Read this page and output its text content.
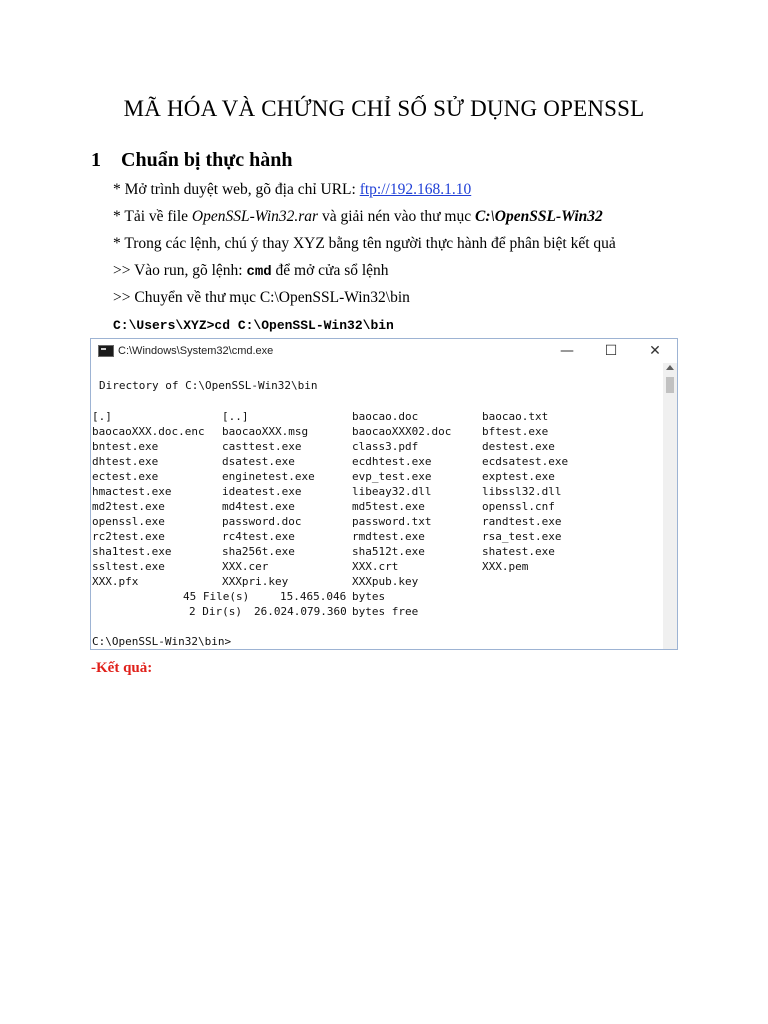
MÃ HÓA VÀ CHỨNG CHỈ SỐ SỬ DỤNG OPENSSL
1 Chuẩn bị thực hành
* Mở trình duyệt web, gõ địa chỉ URL: ftp://192.168.1.10
* Tải về file OpenSSL-Win32.rar và giải nén vào thư mục C:\OpenSSL-Win32
* Trong các lệnh, chú ý thay XYZ bằng tên người thực hành để phân biệt kết quả
>> Vào run, gõ lệnh: cmd để mở cửa sổ lệnh
>> Chuyển về thư mục C:\OpenSSL-Win32\bin
C:\Users\XYZ>cd C:\OpenSSL-Win32\bin
C:\Windows\System32\cmd.exe	—	☐	✕
Directory of C:\OpenSSL-Win32\bin
[.]	[..]	baocao.doc	baocao.txt
baocaoXXX.doc.enc	baocaoXXX.msg	baocaoXXX02.doc	bftest.exe
bntest.exe	casttest.exe	class3.pdf	destest.exe
dhtest.exe	dsatest.exe	ecdhtest.exe	ecdsatest.exe
ectest.exe	enginetest.exe	evp_test.exe	exptest.exe
hmactest.exe	ideatest.exe	libeay32.dll	libssl32.dll
md2test.exe	md4test.exe	md5test.exe	openssl.cnf
openssl.exe	password.doc	password.txt	randtest.exe
rc2test.exe	rc4test.exe	rmdtest.exe	rsa_test.exe
sha1test.exe	sha256t.exe	sha512t.exe	shatest.exe
ssltest.exe	XXX.cer	XXX.crt	XXX.pem
XXX.pfx	XXXpri.key	XXXpub.key
45 File(s)	15.465.046 bytes
2 Dir(s) 26.024.079.360 bytes free
C:\OpenSSL-Win32\bin>
-Kết quả:
